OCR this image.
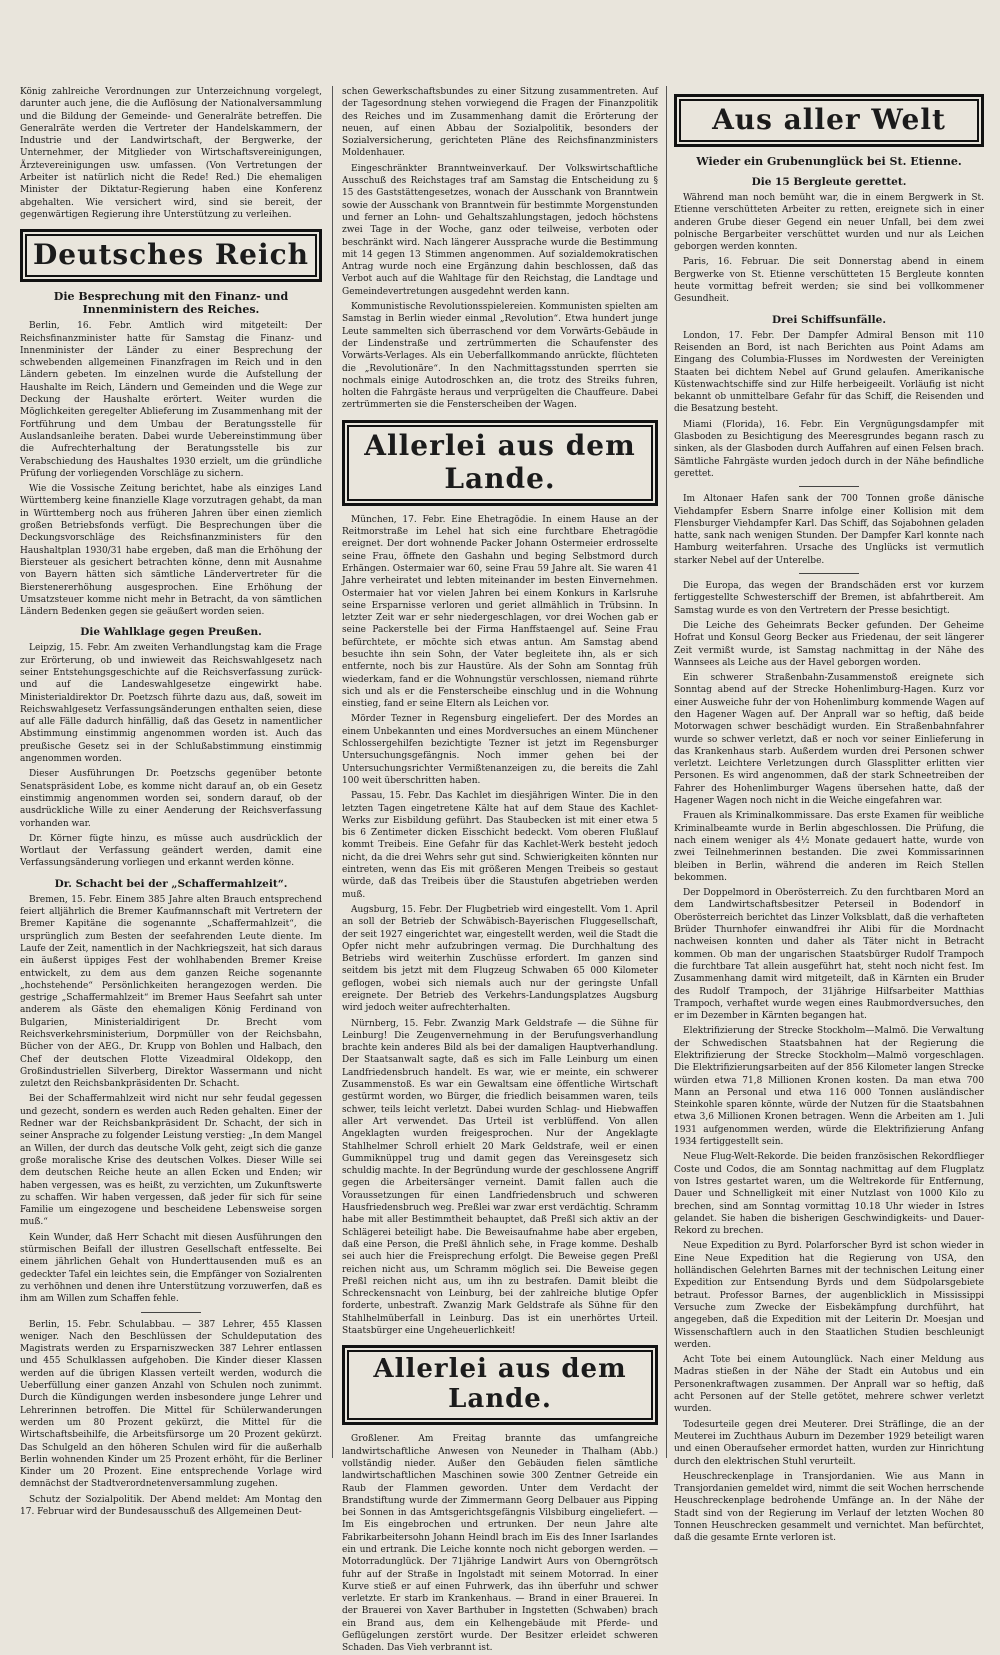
König zahlreiche Verordnungen zur Unterzeichnung vorgelegt, darunter auch jene, die die Auflösung der Nationalversammlung und die Bildung der Gemeinde- und Generalräte betreffen. Die Generalräte werden die Vertreter der Handelskammern, der Industrie und der Landwirtschaft, der Bergwerke, der Unternehmer, der Mitglieder von Wirtschaftsvereinigungen, Ärztevereinigungen usw. umfassen. (Von Vertretungen der Arbeiter ist natürlich nicht die Rede! Red.) Die ehemaligen Minister der Diktatur-Regierung haben eine Konferenz abgehalten. Wie versichert wird, sind sie bereit, der gegenwärtigen Regierung ihre Unterstützung zu verleihen.

Deutsches Reich
Die Besprechung mit den Finanz- und Innenministern des Reiches.

Berlin, 16. Febr. Amtlich wird mitgeteilt: Der Reichsfinanzminister hatte für Samstag die Finanz- und Innenminister der Länder zu einer Besprechung der schwebenden allgemeinen Finanzfragen im Reich und in den Ländern gebeten. Im einzelnen wurde die Aufstellung der Haushalte im Reich, Ländern und Gemeinden und die Wege zur Deckung der Haushalte erörtert. Weiter wurden die Möglichkeiten geregelter Ablieferung im Zusammenhang mit der Fortführung und dem Umbau der Beratungsstelle für Auslandsanleihe beraten. Dabei wurde Uebereinstimmung über die Aufrechterhaltung der Beratungsstelle bis zur Verabschiedung des Haushaltes 1930 erzielt, um die gründliche Prüfung der vorliegenden Vorschläge zu sichern.

Wie die Vossische Zeitung berichtet, habe als einziges Land Württemberg keine finanzielle Klage vorzutragen gehabt, da man in Württemberg noch aus früheren Jahren über einen ziemlich großen Betriebsfonds verfügt. Die Besprechungen über die Deckungsvorschläge des Reichsfinanzministers für den Haushaltplan 1930/31 habe ergeben, daß man die Erhöhung der Biersteuer als gesichert betrachten könne, denn mit Ausnahme von Bayern hätten sich sämtliche Ländervertreter für die Bierstenererhöhung ausgesprochen. Eine Erhöhung der Umsatzsteuer komme nicht mehr in Betracht, da von sämtlichen Ländern Bedenken gegen sie geäußert worden seien.

Die Wahlklage gegen Preußen.

Leipzig, 15. Febr. Am zweiten Verhandlungstag kam die Frage zur Erörterung, ob und inwieweit das Reichswahlgesetz nach seiner Entstehungsgeschichte auf die Reichsverfassung zurück- und auf die Landeswahlgesetze eingewirkt habe. Ministerialdirektor Dr. Poetzsch führte dazu aus, daß, soweit im Reichswahlgesetz Verfassungsänderungen enthalten seien, diese auf alle Fälle dadurch hinfällig, daß das Gesetz in namentlicher Abstimmung einstimmig angenommen worden ist. Auch das preußische Gesetz sei in der Schlußabstimmung einstimmig angenommen worden.

Dieser Ausführungen Dr. Poetzschs gegenüber betonte Senatspräsident Lobe, es komme nicht darauf an, ob ein Gesetz einstimmig angenommen worden sei, sondern darauf, ob der ausdrückliche Wille zu einer Aenderung der Reichsverfassung vorhanden war.

Dr. Körner fügte hinzu, es müsse auch ausdrücklich der Wortlaut der Verfassung geändert werden, damit eine Verfassungsänderung vorliegen und erkannt werden könne.

Dr. Schacht bei der „Schaffermahlzeit“.

Bremen, 15. Febr. Einem 385 Jahre alten Brauch entsprechend feiert alljährlich die Bremer Kaufmannschaft mit Vertretern der Bremer Kapitäne die sogenannte „Schaffermahlzeit“, die ursprünglich zum Besten der seefahrenden Leute diente. Im Laufe der Zeit, namentlich in der Nachkriegszeit, hat sich daraus ein äußerst üppiges Fest der wohlhabenden Bremer Kreise entwickelt, zu dem aus dem ganzen Reiche sogenannte „hochstehende“ Persönlichkeiten herangezogen werden. Die gestrige „Schaffermahlzeit“ im Bremer Haus Seefahrt sah unter anderem als Gäste den ehemaligen König Ferdinand von Bulgarien, Ministerialdirigent Dr. Brecht vom Reichsverkehrsministerium, Dorpmüller von der Reichsbahn, Bücher von der AEG., Dr. Krupp von Bohlen und Halbach, den Chef der deutschen Flotte Vizeadmiral Oldekopp, den Großindustriellen Silverberg, Direktor Wassermann und nicht zuletzt den Reichsbankpräsidenten Dr. Schacht.

Bei der Schaffermahlzeit wird nicht nur sehr feudal gegessen und gezecht, sondern es werden auch Reden gehalten. Einer der Redner war der Reichsbankpräsident Dr. Schacht, der sich in seiner Ansprache zu folgender Leistung verstieg: „In dem Mangel an Willen, der durch das deutsche Volk geht, zeigt sich die ganze große moralische Krise des deutschen Volkes. Dieser Wille sei dem deutschen Reiche heute an allen Ecken und Enden; wir haben vergessen, was es heißt, zu verzichten, um Zukunftswerte zu schaffen. Wir haben vergessen, daß jeder für sich für seine Familie um eingezogene und bescheidene Lebensweise sorgen muß.“

Kein Wunder, daß Herr Schacht mit diesen Ausführungen den stürmischen Beifall der illustren Gesellschaft entfesselte. Bei einem jährlichen Gehalt von Hunderttausenden muß es an gedeckter Tafel ein leichtes sein, die Empfänger von Sozialrenten zu verhöhnen und denen ihre Unterstützung vorzuwerfen, daß es ihm am Willen zum Schaffen fehle.

Berlin, 15. Febr. Schulabbau. — 387 Lehrer, 455 Klassen weniger. Nach den Beschlüssen der Schuldeputation des Magistrats werden zu Ersparniszwecken 387 Lehrer entlassen und 455 Schulklassen aufgehoben. Die Kinder dieser Klassen werden auf die übrigen Klassen verteilt werden, wodurch die Ueberfüllung einer ganzen Anzahl von Schulen noch zunimmt. Durch die Kündigungen werden insbesondere junge Lehrer und Lehrerinnen betroffen. Die Mittel für Schülerwanderungen werden um 80 Prozent gekürzt, die Mittel für die Wirtschaftsbeihilfe, die Arbeitsfürsorge um 20 Prozent gekürzt. Das Schulgeld an den höheren Schulen wird für die außerhalb Berlin wohnenden Kinder um 25 Prozent erhöht, für die Berliner Kinder um 20 Prozent. Eine entsprechende Vorlage wird demnächst der Stadtverordnetenversammlung zugehen.

Schutz der Sozialpolitik. Der Abend meldet: Am Montag den 17. Februar wird der Bundesausschuß des Allgemeinen Deut-

schen Gewerkschaftsbundes zu einer Sitzung zusammentreten. Auf der Tagesordnung stehen vorwiegend die Fragen der Finanzpolitik des Reiches und im Zusammenhang damit die Erörterung der neuen, auf einen Abbau der Sozialpolitik, besonders der Sozialversicherung, gerichteten Pläne des Reichsfinanzministers Moldenhauer.

Eingeschränkter Branntweinverkauf. Der Volkswirtschaftliche Ausschuß des Reichstages traf am Samstag die Entscheidung zu § 15 des Gaststättengesetzes, wonach der Ausschank von Branntwein sowie der Ausschank von Branntwein für bestimmte Morgenstunden und ferner an Lohn- und Gehaltszahlungstagen, jedoch höchstens zwei Tage in der Woche, ganz oder teilweise, verboten oder beschränkt wird. Nach längerer Aussprache wurde die Bestimmung mit 14 gegen 13 Stimmen angenommen. Auf sozialdemokratischen Antrag wurde noch eine Ergänzung dahin beschlossen, daß das Verbot auch auf die Wahltage für den Reichstag, die Landtage und Gemeindevertretungen ausgedehnt werden kann.

Kommunistische Revolutionsspielereien. Kommunisten spielten am Samstag in Berlin wieder einmal „Revolution“. Etwa hundert junge Leute sammelten sich überraschend vor dem Vorwärts-Gebäude in der Lindenstraße und zertrümmerten die Schaufenster des Vorwärts-Verlages. Als ein Ueberfallkommando anrückte, flüchteten die „Revolutionäre“. In den Nachmittagsstunden sperrten sie nochmals einige Autodroschken an, die trotz des Streiks fuhren, holten die Fahrgäste heraus und verprügelten die Chauffeure. Dabei zertrümmerten sie die Fensterscheiben der Wagen.

Allerlei aus dem Lande.

München, 17. Febr. Eine Ehetragödie. In einem Hause an der Reitmorstraße im Lehel hat sich eine furchtbare Ehetragödie ereignet. Der dort wohnende Packer Johann Ostermeier erdrosselte seine Frau, öffnete den Gashahn und beging Selbstmord durch Erhängen. Ostermaier war 60, seine Frau 59 Jahre alt. Sie waren 41 Jahre verheiratet und lebten miteinander im besten Einvernehmen. Ostermaier hat vor vielen Jahren bei einem Konkurs in Karlsruhe seine Ersparnisse verloren und geriet allmählich in Trübsinn. In letzter Zeit war er sehr niedergeschlagen, vor drei Wochen gab er seine Packerstelle bei der Firma Hanffstaengel auf. Seine Frau befürchtete, er möchte sich etwas antun. Am Samstag abend besuchte ihn sein Sohn, der Vater begleitete ihn, als er sich entfernte, noch bis zur Haustüre. Als der Sohn am Sonntag früh wiederkam, fand er die Wohnungstür verschlossen, niemand rührte sich und als er die Fensterscheibe einschlug und in die Wohnung einstieg, fand er seine Eltern als Leichen vor.

Mörder Tezner in Regensburg eingeliefert. Der des Mordes an einem Unbekannten und eines Mordversuches an einem Münchener Schlossergehilfen bezichtigte Tezner ist jetzt im Regensburger Untersuchungsgefängnis. Noch immer gehen bei der Untersuchungsrichter Vermißtenanzeigen zu, die bereits die Zahl 100 weit überschritten haben.

Passau, 15. Febr. Das Kachlet im diesjährigen Winter. Die in den letzten Tagen eingetretene Kälte hat auf dem Staue des Kachlet-Werks zur Eisbildung geführt. Das Staubecken ist mit einer etwa 5 bis 6 Zentimeter dicken Eisschicht bedeckt. Vom oberen Flußlauf kommt Treibeis. Eine Gefahr für das Kachlet-Werk besteht jedoch nicht, da die drei Wehrs sehr gut sind. Schwierigkeiten könnten nur eintreten, wenn das Eis mit größeren Mengen Treibeis so gestaut würde, daß das Treibeis über die Staustufen abgetrieben werden muß.

Augsburg, 15. Febr. Der Flugbetrieb wird eingestellt. Vom 1. April an soll der Betrieb der Schwäbisch-Bayerischen Fluggesellschaft, der seit 1927 eingerichtet war, eingestellt werden, weil die Stadt die Opfer nicht mehr aufzubringen vermag. Die Durchhaltung des Betriebs wird weiterhin Zuschüsse erfordert. Im ganzen sind seitdem bis jetzt mit dem Flugzeug Schwaben 65 000 Kilometer geflogen, wobei sich niemals auch nur der geringste Unfall ereignete. Der Betrieb des Verkehrs-Landungsplatzes Augsburg wird jedoch weiter aufrechterhalten.

Nürnberg, 15. Febr. Zwanzig Mark Geldstrafe — die Sühne für Leinburg! Die Zeugenvernehmung in der Berufungsverhandlung brachte kein anderes Bild als bei der damaligen Hauptverhandlung. Der Staatsanwalt sagte, daß es sich im Falle Leinburg um einen Landfriedensbruch handelt. Es war, wie er meinte, ein schwerer Zusammenstoß. Es war ein Gewaltsam eine öffentliche Wirtschaft gestürmt worden, wo Bürger, die friedlich beisammen waren, teils schwer, teils leicht verletzt. Dabei wurden Schlag- und Hiebwaffen aller Art verwendet. Das Urteil ist verblüffend. Von allen Angeklagten wurden freigesprochen. Nur der Angeklagte Stahlhelmer Schroll erhielt 20 Mark Geldstrafe, weil er einen Gummiknüppel trug und damit gegen das Vereinsgesetz sich schuldig machte. In der Begründung wurde der geschlossene Angriff gegen die Arbeitersänger verneint. Damit fallen auch die Voraussetzungen für einen Landfriedensbruch und schweren Hausfriedensbruch weg. Preßlei war zwar erst verdächtig. Schramm habe mit aller Bestimmtheit behauptet, daß Preßl sich aktiv an der Schlägerei beteiligt habe. Die Beweisaufnahme habe aber ergeben, daß eine Person, die Preßl ähnlich sehe, in Frage komme. Deshalb sei auch hier die Freisprechung erfolgt. Die Beweise gegen Preßl reichen nicht aus, um Schramm möglich sei. Die Beweise gegen Preßl reichen nicht aus, um ihn zu bestrafen. Damit bleibt die Schreckensnacht von Leinburg, bei der zahlreiche blutige Opfer forderte, unbestraft. Zwanzig Mark Geldstrafe als Sühne für den Stahlhelmüberfall in Leinburg. Das ist ein unerhörtes Urteil. Staatsbürger eine Ungeheuerlichkeit!

Allerlei aus dem Lande.

Großlener. Am Freitag brannte das umfangreiche landwirtschaftliche Anwesen von Neuneder in Thalham (Abb.) vollständig nieder. Außer den Gebäuden fielen sämtliche landwirtschaftlichen Maschinen sowie 300 Zentner Getreide ein Raub der Flammen geworden. Unter dem Verdacht der Brandstiftung wurde der Zimmermann Georg Delbauer aus Pipping bei Sonnen in das Amtsgerichtsgefängnis Vilsbiburg eingeliefert. — Im Eis eingebrochen und ertrunken. Der neun Jahre alte Fabrikarbeitersohn Johann Heindl brach im Eis des Inner Isarlandes ein und ertrank. Die Leiche konnte noch nicht geborgen werden. — Motorradunglück. Der 71jährige Landwirt Aurs von Oberngrötsch fuhr auf der Straße in Ingolstadt mit seinem Motorrad. In einer Kurve stieß er auf einen Fuhrwerk, das ihn überfuhr und schwer verletzte. Er starb im Krankenhaus. — Brand in einer Brauerei. In der Brauerei von Xaver Barthuber in Ingstetten (Schwaben) brach ein Brand aus, dem ein Kelhengebäude mit Pferde- und Geflügelungen zerstört wurde. Der Besitzer erleidet schweren Schaden. Das Vieh verbrannt ist.

Aus aller Welt
Wieder ein Grubenunglück bei St. Etienne.
Die 15 Bergleute gerettet.

Während man noch bemüht war, die in einem Bergwerk in St. Etienne verschütteten Arbeiter zu retten, ereignete sich in einer anderen Grube dieser Gegend ein neuer Unfall, bei dem zwei polnische Bergarbeiter verschüttet wurden und nur als Leichen geborgen werden konnten.

Paris, 16. Februar. Die seit Donnerstag abend in einem Bergwerke von St. Etienne verschütteten 15 Bergleute konnten heute vormittag befreit werden; sie sind bei vollkommener Gesundheit.

Drei Schiffsunfälle.

London, 17. Febr. Der Dampfer Admiral Benson mit 110 Reisenden an Bord, ist nach Berichten aus Point Adams am Eingang des Columbia-Flusses im Nordwesten der Vereinigten Staaten bei dichtem Nebel auf Grund gelaufen. Amerikanische Küstenwachtschiffe sind zur Hilfe herbeigeeilt. Vorläufig ist nicht bekannt ob unmittelbare Gefahr für das Schiff, die Reisenden und die Besatzung besteht.

Miami (Florida), 16. Febr. Ein Vergnügungsdampfer mit Glasboden zu Besichtigung des Meeresgrundes begann rasch zu sinken, als der Glasboden durch Auffahren auf einen Felsen brach. Sämtliche Fahrgäste wurden jedoch durch in der Nähe befindliche gerettet.

Im Altonaer Hafen sank der 700 Tonnen große dänische Viehdampfer Esbern Snarre infolge einer Kollision mit dem Flensburger Viehdampfer Karl. Das Schiff, das Sojabohnen geladen hatte, sank nach wenigen Stunden. Der Dampfer Karl konnte nach Hamburg weiterfahren. Ursache des Unglücks ist vermutlich starker Nebel auf der Unterelbe.

Die Europa, das wegen der Brandschäden erst vor kurzem fertiggestellte Schwesterschiff der Bremen, ist abfahrtbereit. Am Samstag wurde es von den Vertretern der Presse besichtigt.

Die Leiche des Geheimrats Becker gefunden. Der Geheime Hofrat und Konsul Georg Becker aus Friedenau, der seit längerer Zeit vermißt wurde, ist Samstag nachmittag in der Nähe des Wannsees als Leiche aus der Havel geborgen worden.

Ein schwerer Straßenbahn-Zusammenstoß ereignete sich Sonntag abend auf der Strecke Hohenlimburg-Hagen. Kurz vor einer Ausweiche fuhr der von Hohenlimburg kommende Wagen auf den Hagener Wagen auf. Der Anprall war so heftig, daß beide Motorwagen schwer beschädigt wurden. Ein Straßenbahnfahrer wurde so schwer verletzt, daß er noch vor seiner Einlieferung in das Krankenhaus starb. Außerdem wurden drei Personen schwer verletzt. Leichtere Verletzungen durch Glassplitter erlitten vier Personen. Es wird angenommen, daß der stark Schneetreiben der Fahrer des Hohenlimburger Wagens übersehen hatte, daß der Hagener Wagen noch nicht in die Weiche eingefahren war.

Frauen als Kriminalkommissare. Das erste Examen für weibliche Kriminalbeamte wurde in Berlin abgeschlossen. Die Prüfung, die nach einem weniger als 4½ Monate gedauert hatte, wurde von zwei Teilnehmerinnen bestanden. Die zwei Kommissarinnen bleiben in Berlin, während die anderen im Reich Stellen bekommen.

Der Doppelmord in Oberösterreich. Zu den furchtbaren Mord an dem Landwirtschaftsbesitzer Peterseil in Bodendorf in Oberösterreich berichtet das Linzer Volksblatt, daß die verhafteten Brüder Thurnhofer einwandfrei ihr Alibi für die Mordnacht nachweisen konnten und daher als Täter nicht in Betracht kommen. Ob man der ungarischen Staatsbürger Rudolf Trampoch die furchtbare Tat allein ausgeführt hat, steht noch nicht fest. Im Zusammenhang damit wird mitgeteilt, daß in Kärnten ein Bruder des Rudolf Trampoch, der 31jährige Hilfsarbeiter Matthias Trampoch, verhaftet wurde wegen eines Raubmordversuches, den er im Dezember in Kärnten begangen hat.

Elektrifizierung der Strecke Stockholm—Malmö. Die Verwaltung der Schwedischen Staatsbahnen hat der Regierung die Elektrifizierung der Strecke Stockholm—Malmö vorgeschlagen. Die Elektrifizierungsarbeiten auf der 856 Kilometer langen Strecke würden etwa 71,8 Millionen Kronen kosten. Da man etwa 700 Mann an Personal und etwa 116 000 Tonnen ausländischer Steinkohle sparen könnte, würde der Nutzen für die Staatsbahnen etwa 3,6 Millionen Kronen betragen. Wenn die Arbeiten am 1. Juli 1931 aufgenommen werden, würde die Elektrifizierung Anfang 1934 fertiggestellt sein.

Neue Flug-Welt-Rekorde. Die beiden französischen Rekordflieger Coste und Codos, die am Sonntag nachmittag auf dem Flugplatz von Istres gestartet waren, um die Weltrekorde für Entfernung, Dauer und Schnelligkeit mit einer Nutzlast von 1000 Kilo zu brechen, sind am Sonntag vormittag 10.18 Uhr wieder in Istres gelandet. Sie haben die bisherigen Geschwindigkeits- und Dauer-Rekord zu brechen.

Neue Expedition zu Byrd. Polarforscher Byrd ist schon wieder in Eine Neue Expedition hat die Regierung von USA, den holländischen Gelehrten Barnes mit der technischen Leitung einer Expedition zur Entsendung Byrds und dem Südpolarsgebiete betraut. Professor Barnes, der augenblicklich in Mississippi Versuche zum Zwecke der Eisbekämpfung durchführt, hat angegeben, daß die Expedition mit der Leiterin Dr. Moesjan und Wissenschaftlern auch in den Staatlichen Studien beschleunigt werden.

Acht Tote bei einem Autounglück. Nach einer Meldung aus Madras stießen in der Nähe der Stadt ein Autobus und ein Personenkraftwagen zusammen. Der Anprall war so heftig, daß acht Personen auf der Stelle getötet, mehrere schwer verletzt wurden.

Todesurteile gegen drei Meuterer. Drei Sträflinge, die an der Meuterei im Zuchthaus Auburn im Dezember 1929 beteiligt waren und einen Oberaufseher ermordet hatten, wurden zur Hinrichtung durch den elektrischen Stuhl verurteilt.

Heuschreckenplage in Transjordanien. Wie aus Mann in Transjordanien gemeldet wird, nimmt die seit Wochen herrschende Heuschreckenplage bedrohende Umfänge an. In der Nähe der Stadt sind von der Regierung im Verlauf der letzten Wochen 80 Tonnen Heuschrecken gesammelt und vernichtet. Man befürchtet, daß die gesamte Ernte verloren ist.
